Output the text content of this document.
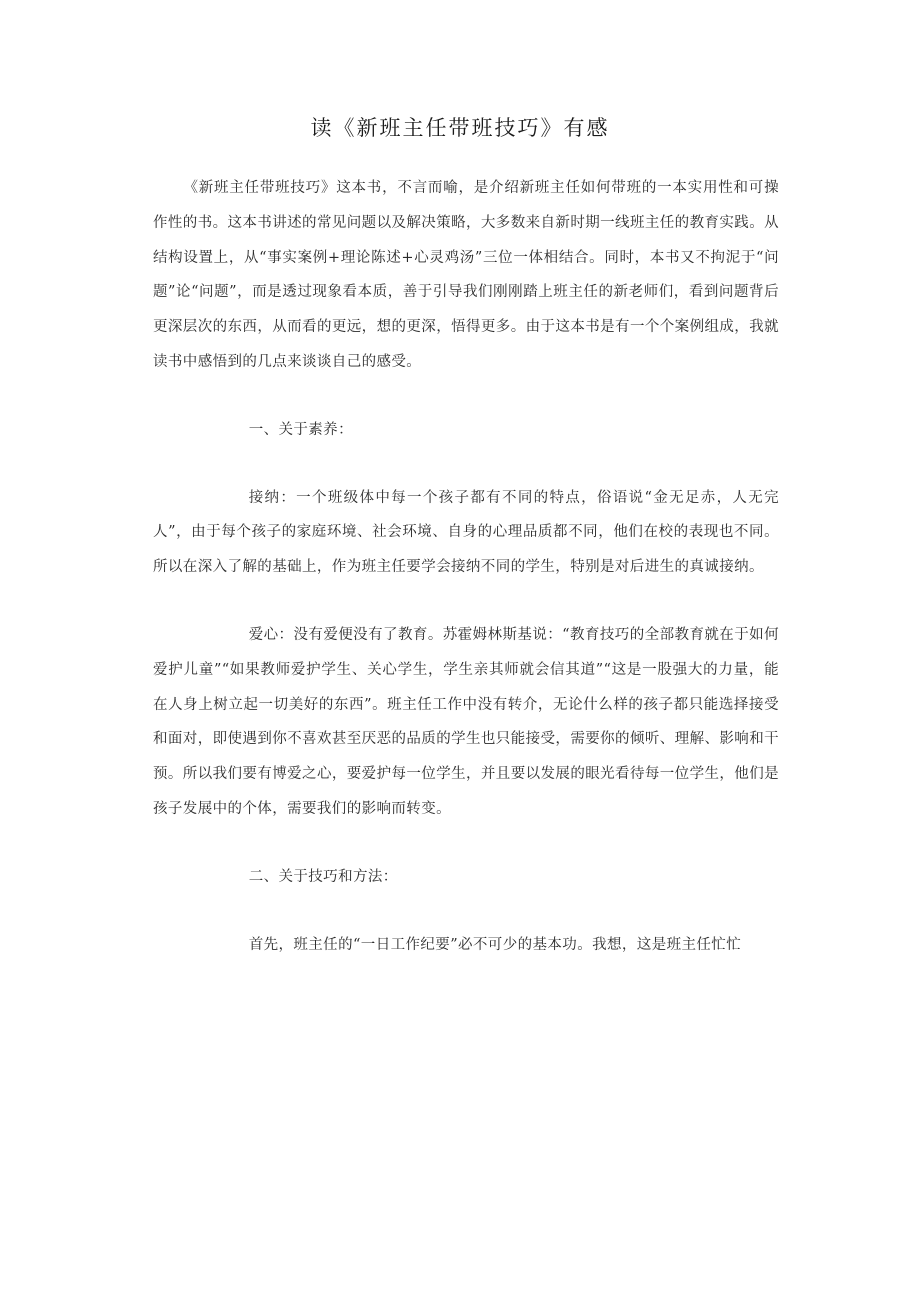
读《新班主任带班技巧》有感

《新班主任带班技巧》这本书，不言而喻，是介绍新班主任如何带班的一本实用性和可操作性的书。这本书讲述的常见问题以及解决策略，大多数来自新时期一线班主任的教育实践。从结构设置上，从“事实案例+理论陈述+心灵鸡汤”三位一体相结合。同时，本书又不拘泥于“问题”论“问题”，而是透过现象看本质，善于引导我们刚刚踏上班主任的新老师们，看到问题背后更深层次的东西，从而看的更远，想的更深，悟得更多。由于这本书是有一个个案例组成，我就读书中感悟到的几点来谈谈自己的感受。

一、关于素养：

接纳：一个班级体中每一个孩子都有不同的特点，俗语说“金无足赤，人无完人”，由于每个孩子的家庭环境、社会环境、自身的心理品质都不同，他们在校的表现也不同。所以在深入了解的基础上，作为班主任要学会接纳不同的学生，特别是对后进生的真诚接纳。

爱心：没有爱便没有了教育。苏霍姆林斯基说：“教育技巧的全部教育就在于如何爱护儿童”“如果教师爱护学生、关心学生，学生亲其师就会信其道”“这是一股强大的力量，能在人身上树立起一切美好的东西”。班主任工作中没有转介，无论什么样的孩子都只能选择接受和面对，即使遇到你不喜欢甚至厌恶的品质的学生也只能接受，需要你的倾听、理解、影响和干预。所以我们要有博爱之心，要爱护每一位学生，并且要以发展的眼光看待每一位学生，他们是孩子发展中的个体，需要我们的影响而转变。

二、关于技巧和方法：

首先，班主任的“一日工作纪要”必不可少的基本功。我想，这是班主任忙忙
